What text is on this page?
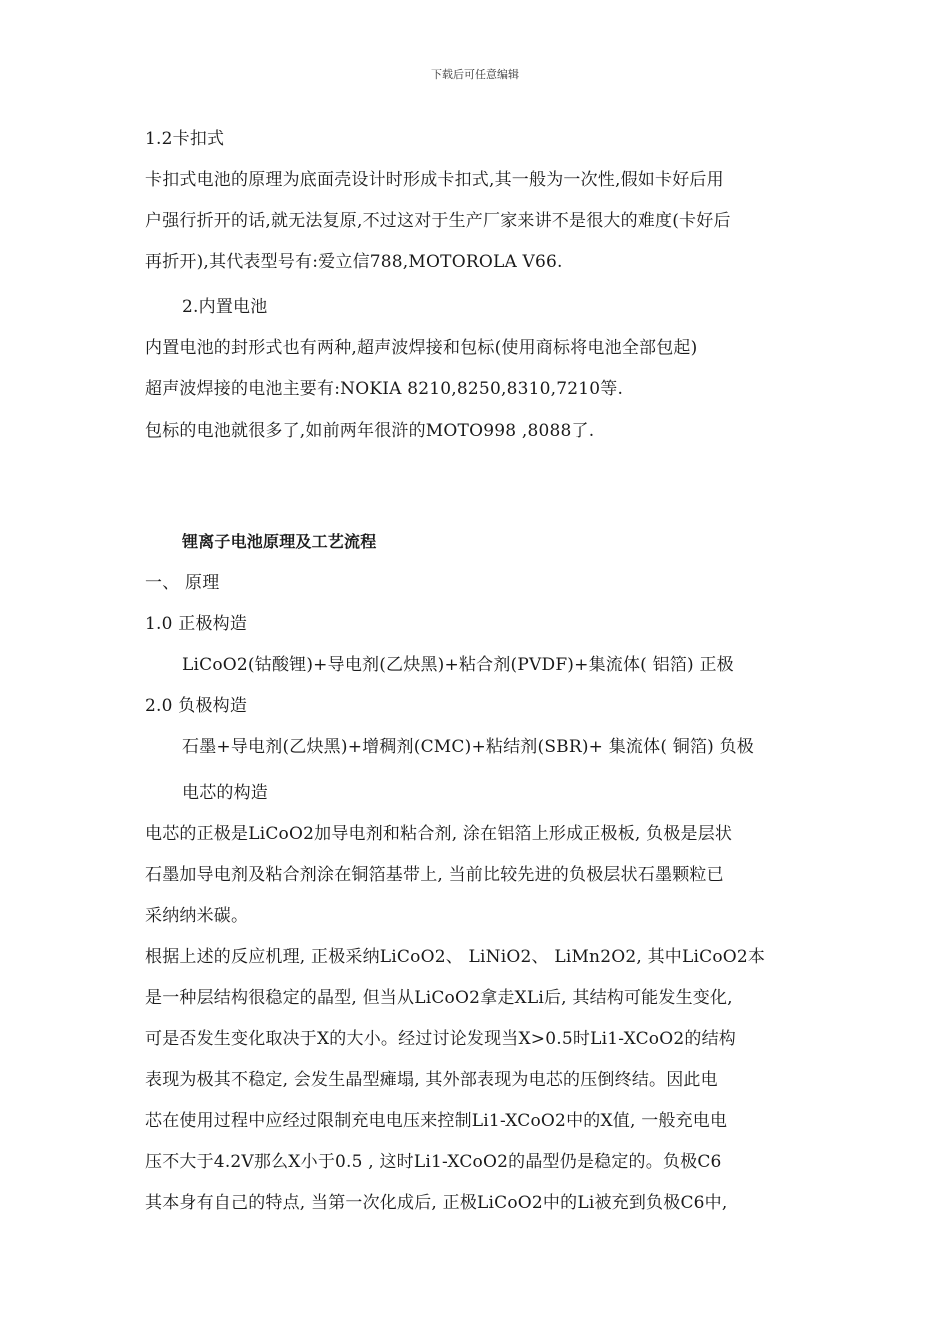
下载后可任意编辑
1.2卡扣式
卡扣式电池的原理为底面壳设计时形成卡扣式,其一般为一次性,假如卡好后用
户强行折开的话,就无法复原,不过这对于生产厂家来讲不是很大的难度(卡好后
再折开),其代表型号有:爱立信788,MOTOROLA V66.
2.内置电池
内置电池的封形式也有两种,超声波焊接和包标(使用商标将电池全部包起)
超声波焊接的电池主要有:NOKIA 8210,8250,8310,7210等.
包标的电池就很多了,如前两年很浒的MOTO998 ,8088了.
锂离子电池原理及工艺流程
一、 原理
1.0 正极构造
LiCoO2(钴酸锂)+导电剂(乙炔黑)+粘合剂(PVDF)+集流体( 铝箔) 正极
2.0 负极构造
石墨+导电剂(乙炔黑)+增稠剂(CMC)+粘结剂(SBR)+ 集流体( 铜箔) 负极
电芯的构造
电芯的正极是LiCoO2加导电剂和粘合剂, 涂在铝箔上形成正极板, 负极是层状
石墨加导电剂及粘合剂涂在铜箔基带上, 当前比较先进的负极层状石墨颗粒已
采纳纳米碳。
根据上述的反应机理, 正极采纳LiCoO2、 LiNiO2、 LiMn2O2, 其中LiCoO2本
是一种层结构很稳定的晶型, 但当从LiCoO2拿走XLi后, 其结构可能发生变化,
可是否发生变化取决于X的大小。经过讨论发现当X>0.5时Li1-XCoO2的结构
表现为极其不稳定, 会发生晶型瘫塌, 其外部表现为电芯的压倒终结。因此电
芯在使用过程中应经过限制充电电压来控制Li1-XCoO2中的X值, 一般充电电
压不大于4.2V那么X小于0.5 , 这时Li1-XCoO2的晶型仍是稳定的。负极C6
其本身有自己的特点, 当第一次化成后, 正极LiCoO2中的Li被充到负极C6中,
